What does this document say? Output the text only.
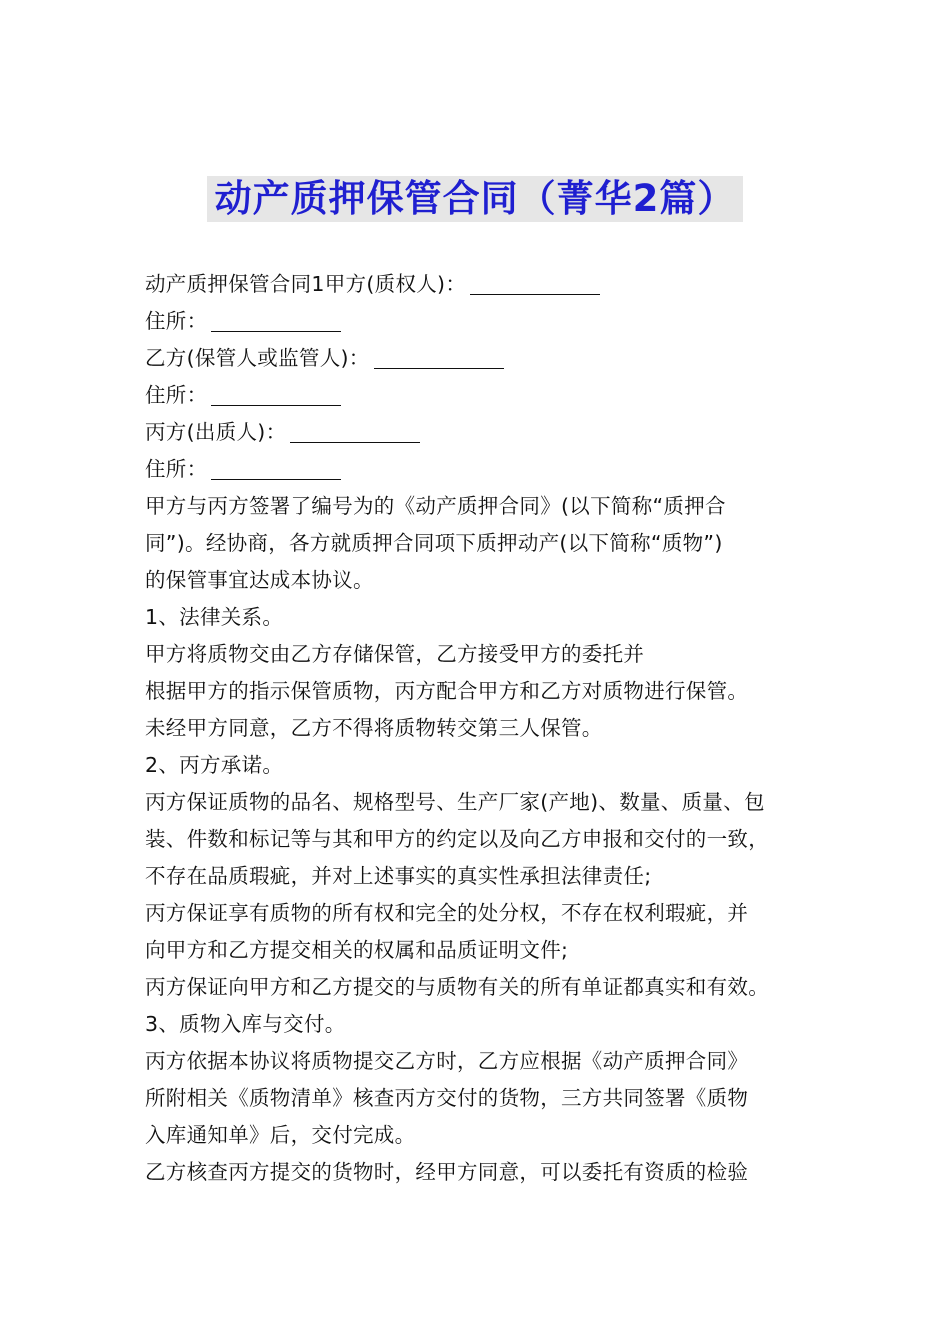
动产质押保管合同（菁华2篇）

动产质押保管合同1甲方(质权人)：

住所：

乙方(保管人或监管人)：

住所：

丙方(出质人)：

住所：

甲方与丙方签署了编号为的《动产质押合同》(以下简称“质押合
同”)。经协商，各方就质押合同项下质押动产(以下简称“质物”)
的保管事宜达成本协议。

1、法律关系。

甲方将质物交由乙方存储保管，乙方接受甲方的委托并

根据甲方的指示保管质物，丙方配合甲方和乙方对质物进行保管。

未经甲方同意，乙方不得将质物转交第三人保管。

2、丙方承诺。

丙方保证质物的品名、规格型号、生产厂家(产地)、数量、质量、包
装、件数和标记等与其和甲方的约定以及向乙方申报和交付的一致，
不存在品质瑕疵，并对上述事实的真实性承担法律责任;

丙方保证享有质物的所有权和完全的处分权，不存在权利瑕疵，并
向甲方和乙方提交相关的权属和品质证明文件;

丙方保证向甲方和乙方提交的与质物有关的所有单证都真实和有效。

3、质物入库与交付。

丙方依据本协议将质物提交乙方时，乙方应根据《动产质押合同》
所附相关《质物清单》核查丙方交付的货物，三方共同签署《质物
入库通知单》后，交付完成。

乙方核查丙方提交的货物时，经甲方同意，可以委托有资质的检验
